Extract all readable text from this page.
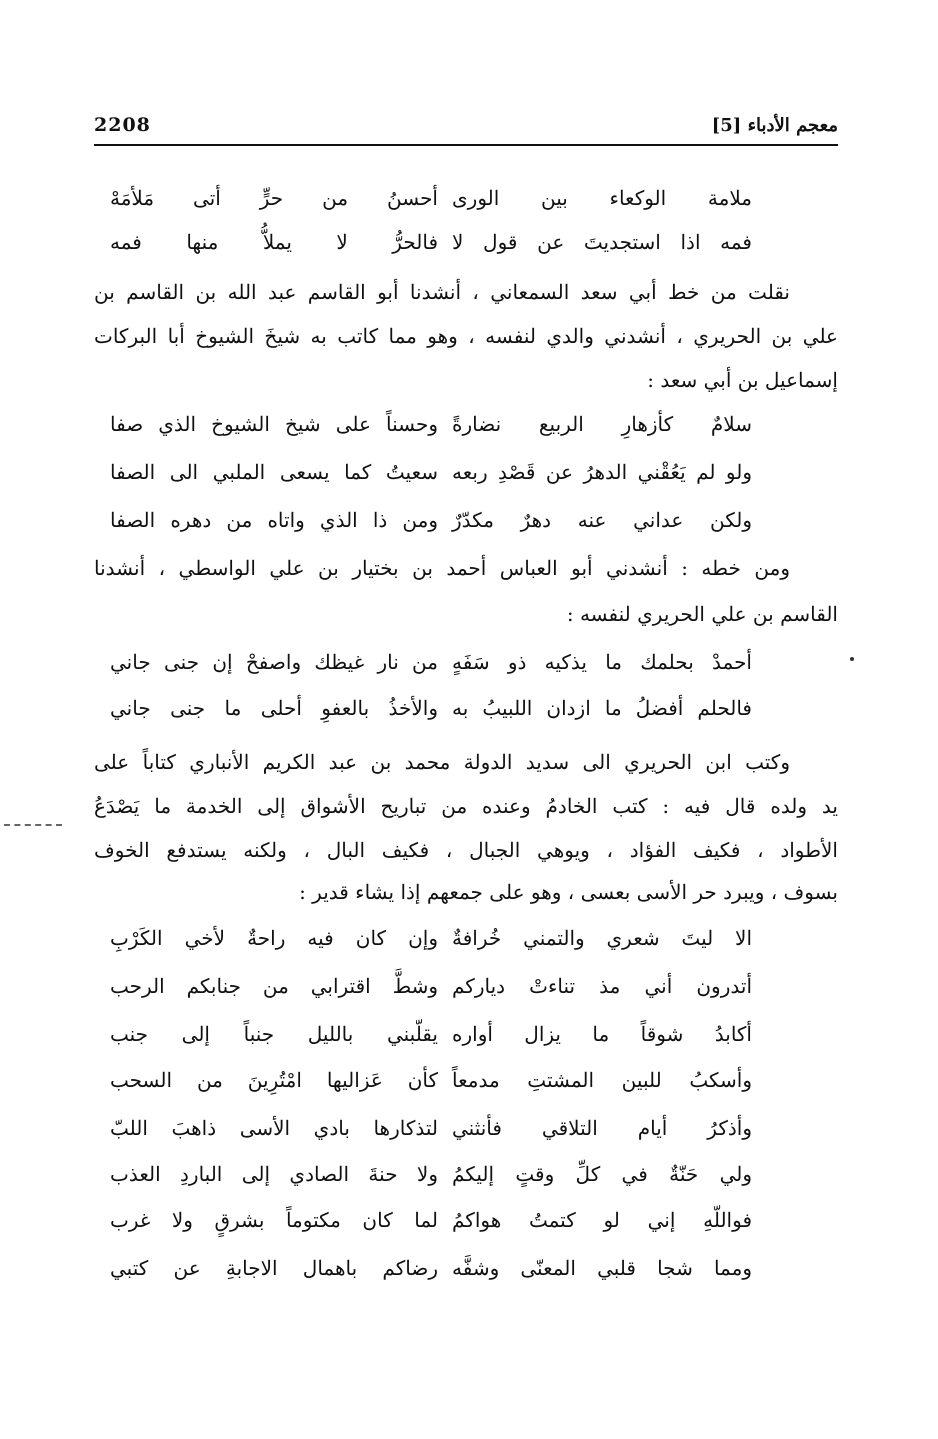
2208	معجم الأدباء [5]
ملامة الوكعاء بين الورى
أحسنُ من حرٍّ أتى مَلأمَهْ
فمه اذا استجديتَ عن قول لا
فالحرُّ لا يملاُّ منها فمه
نقلت من خط أبي سعد السمعاني ، أنشدنا أبو القاسم عبد الله بن القاسم بن
علي بن الحريري ، أنشدني والدي لنفسه ، وهو مما كاتب به شيخَ الشيوخ أبا البركات
إسماعيل بن أبي سعد :
سلامٌ كأزهارِ الربيع نضارةً
وحسناً على شيخ الشيوخ الذي صفا
ولو لم يَعُقْني الدهرُ عن قَصْدِ ربعه
سعيتُ كما يسعى الملبي الى الصفا
ولكن عداني عنه دهرٌ مكدّرٌ
ومن ذا الذي واتاه من دهره الصفا
ومن خطه : أنشدني أبو العباس أحمد بن بختيار بن علي الواسطي ، أنشدنا
القاسم بن علي الحريري لنفسه :
أحمدْ بحلمك ما يذكيه ذو سَفَهٍ
من نار غيظك واصفحْ إن جنى جاني
فالحلم أفضلُ ما ازدان اللبيبُ به
والأخذُ بالعفوِ أحلى ما جنى جاني
وكتب ابن الحريري الى سديد الدولة محمد بن عبد الكريم الأنباري كتاباً على
يد ولده قال فيه : كتب الخادمُ وعنده من تباريح الأشواق إلى الخدمة ما يَصْدَعُ
الأطواد ، فكيف الفؤاد ، ويوهي الجبال ، فكيف البال ، ولكنه يستدفع الخوف
بسوف ، ويبرد حر الأسى بعسى ، وهو على جمعهم إذا يشاء قدير :
الا ليتَ شعري والتمني خُرافةٌ
وإن كان فيه راحةٌ لأخي الكَرْبِ
أتدرون أني مذ تناءتْ دياركم
وشطَّ اقترابي من جنابكم الرحب
أكابدُ شوقاً ما يزال أواره
يقلّبني بالليل جنباً إلى جنب
وأسكبُ للبين المشتتِ مدمعاً
كأن عَزاليها امْتُرِينَ من السحب
وأذكرُ أيام التلاقي فأنثني
لتذكارها بادي الأسى ذاهبَ اللبّ
ولي حَنّةٌ في كلِّ وقتٍ إليكمُ
ولا حنةَ الصادي إلى الباردِ العذب
فواللّهِ إني لو كتمتُ هواكمُ
لما كان مكتوماً بشرقٍ ولا غرب
ومما شجا قلبي المعنّى وشفَّه
رضاكم باهمال الاجابةِ عن كتبي
